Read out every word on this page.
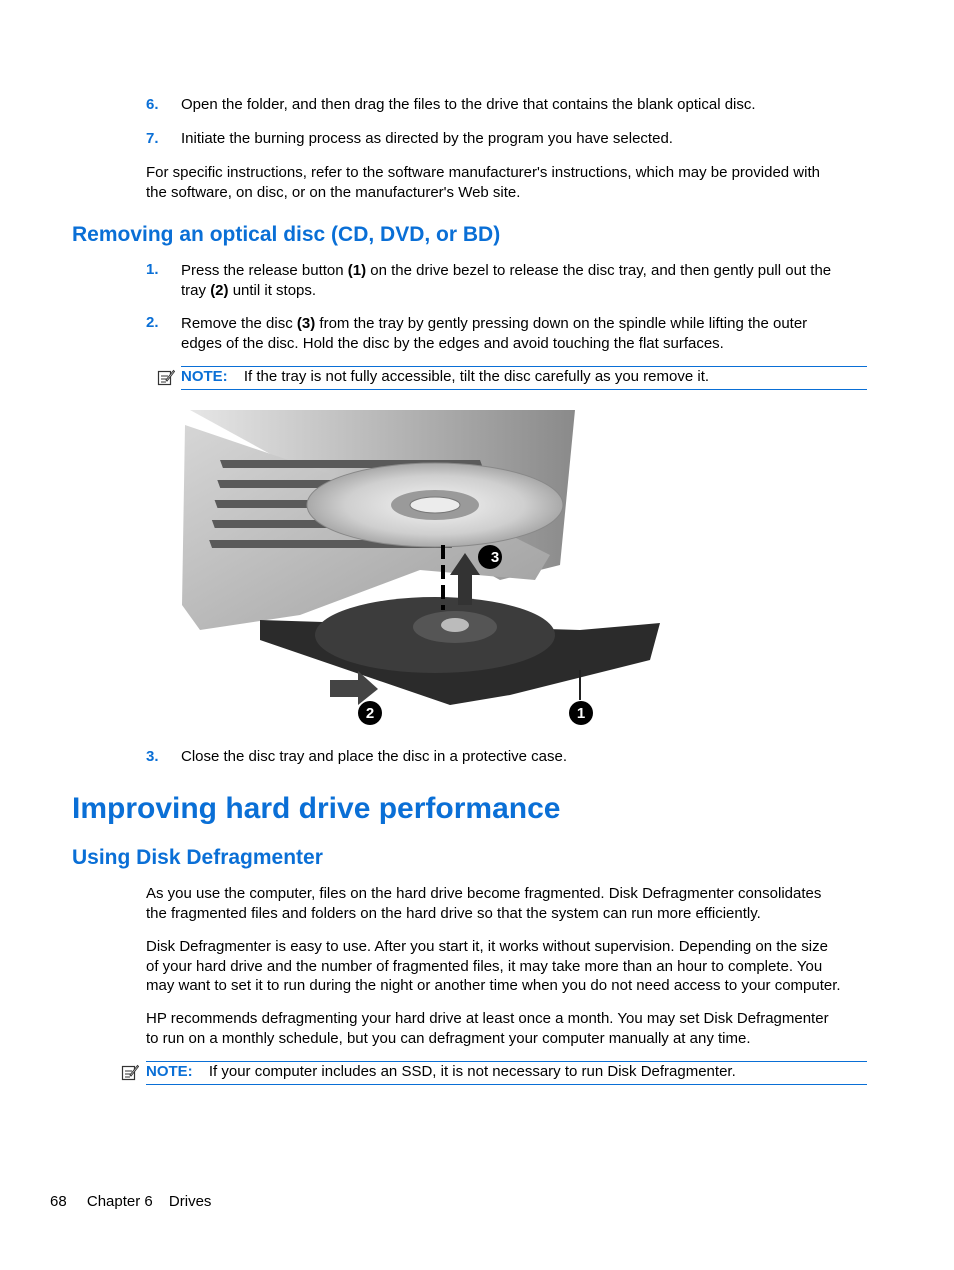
6. Open the folder, and then drag the files to the drive that contains the blank optical disc.
7. Initiate the burning process as directed by the program you have selected.
For specific instructions, refer to the software manufacturer's instructions, which may be provided with
the software, on disc, or on the manufacturer's Web site.
Removing an optical disc (CD, DVD, or BD)
1. Press the release button (1) on the drive bezel to release the disc tray, and then gently pull out the
tray (2) until it stops.
2. Remove the disc (3) from the tray by gently pressing down on the spindle while lifting the outer
edges of the disc. Hold the disc by the edges and avoid touching the flat surfaces.
NOTE: If the tray is not fully accessible, tilt the disc carefully as you remove it.
3
2	1
3. Close the disc tray and place the disc in a protective case.
Improving hard drive performance
Using Disk Defragmenter
As you use the computer, files on the hard drive become fragmented. Disk Defragmenter consolidates
the fragmented files and folders on the hard drive so that the system can run more efficiently.
Disk Defragmenter is easy to use. After you start it, it works without supervision. Depending on the size
of your hard drive and the number of fragmented files, it may take more than an hour to complete. You
may want to set it to run during the night or another time when you do not need access to your computer.
HP recommends defragmenting your hard drive at least once a month. You may set Disk Defragmenter
to run on a monthly schedule, but you can defragment your computer manually at any time.
NOTE: If your computer includes an SSD, it is not necessary to run Disk Defragmenter.
68 Chapter 6 Drives
